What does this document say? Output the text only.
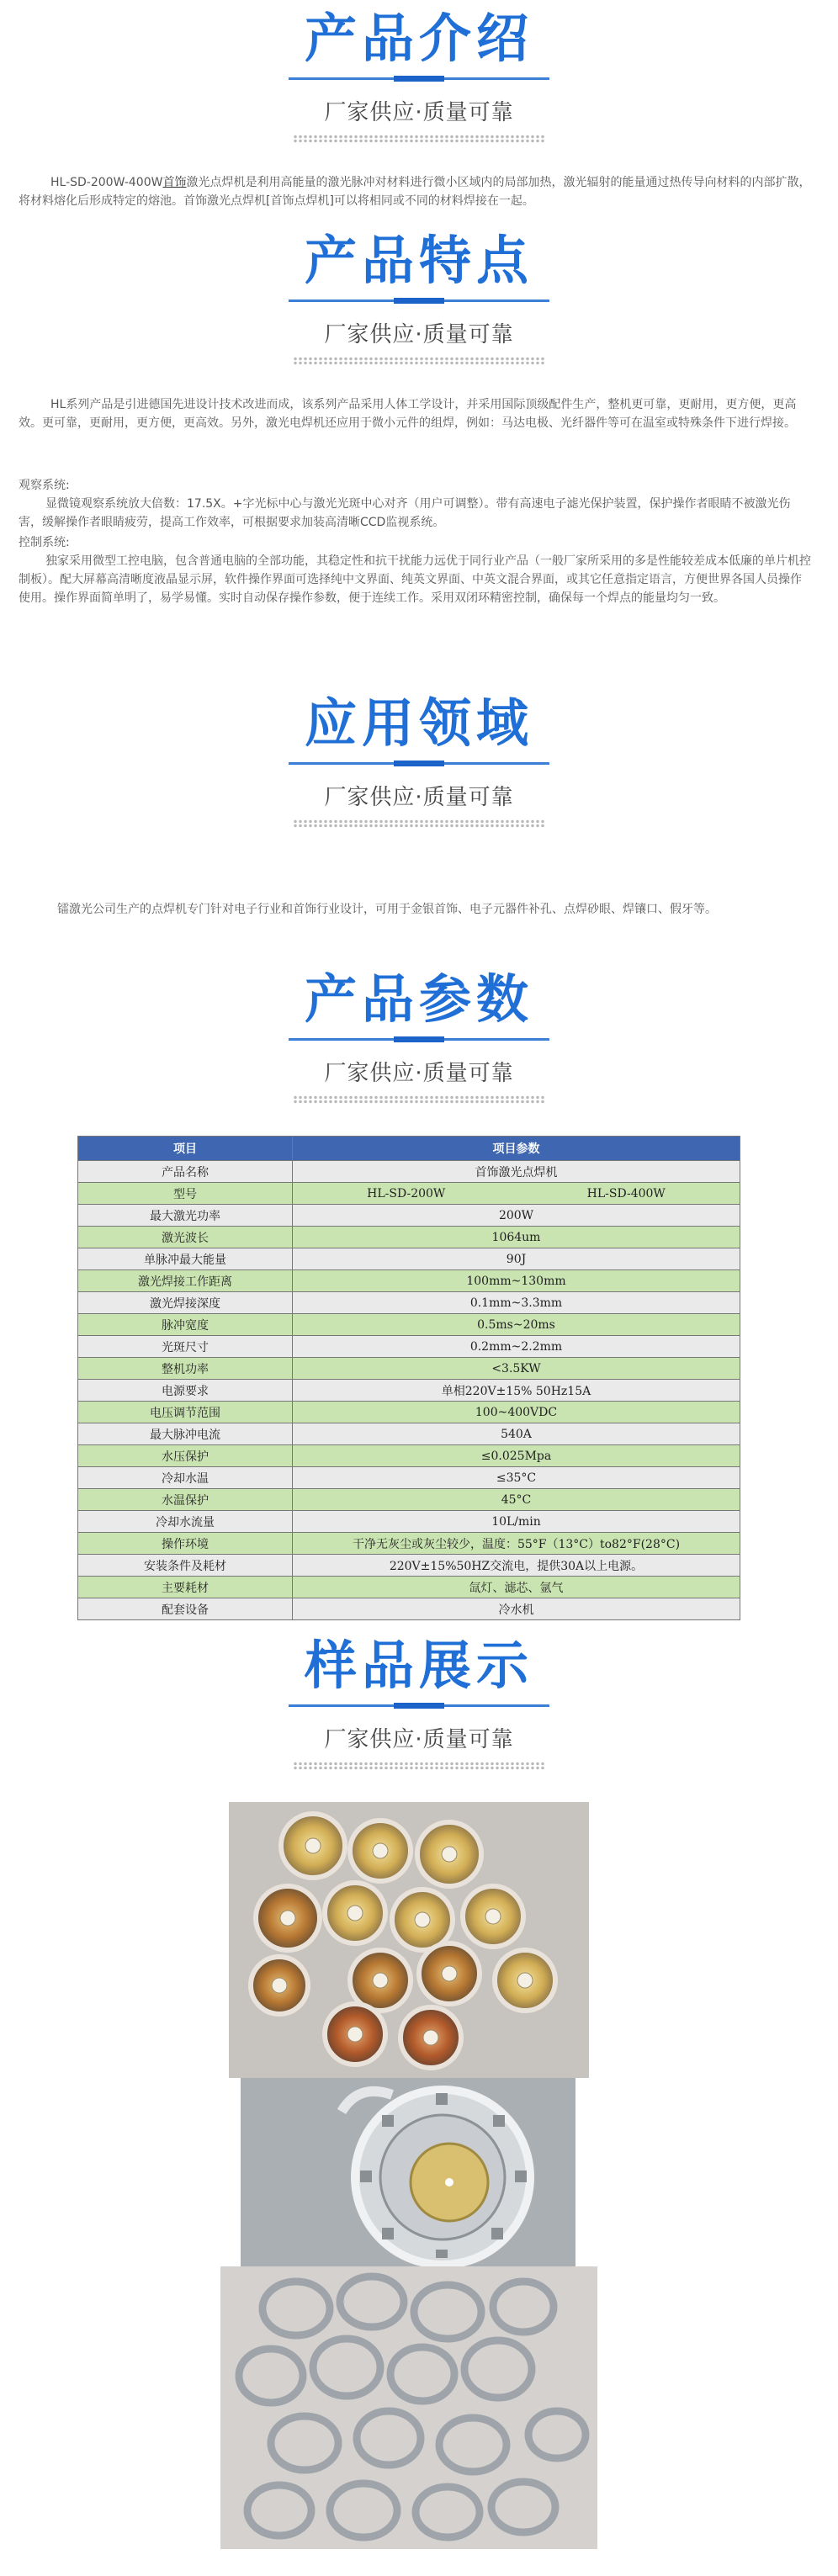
产品介绍
厂家供应·质量可靠
HL-SD-200W-400W首饰激光点焊机是利用高能量的激光脉冲对材料进行微小区域内的局部加热，激光辐射的能量通过热传导向材料的内部扩散，将材料熔化后形成特定的熔池。首饰激光点焊机[首饰点焊机]可以将相同或不同的材料焊接在一起。
产品特点
厂家供应·质量可靠
HL系列产品是引进德国先进设计技术改进而成，该系列产品采用人体工学设计，并采用国际顶级配件生产，整机更可靠，更耐用，更方便，更高效。更可靠，更耐用，更方便，更高效。另外，激光电焊机还应用于微小元件的组焊，例如：马达电极、光纤器件等可在温室或特殊条件下进行焊接。
观察系统:
显微镜观察系统放大倍数：17.5X。+字光标中心与激光光斑中心对齐（用户可调整）。带有高速电子滤光保护装置，保护操作者眼睛不被激光伤害，缓解操作者眼睛疲劳，提高工作效率，可根据要求加装高清晰CCD监视系统。
控制系统:
独家采用微型工控电脑，包含普通电脑的全部功能，其稳定性和抗干扰能力远优于同行业产品（一般厂家所采用的多是性能较差成本低廉的单片机控制板）。配大屏幕高清晰度液晶显示屏，软件操作界面可选择纯中文界面、纯英文界面、中英文混合界面，或其它任意指定语言，方便世界各国人员操作使用。操作界面简单明了，易学易懂。实时自动保存操作参数，便于连续工作。采用双闭环精密控制，确保每一个焊点的能量均匀一致。
应用领域
厂家供应·质量可靠
镭激光公司生产的点焊机专门针对电子行业和首饰行业设计，可用于金银首饰、电子元器件补孔、点焊砂眼、焊镶口、假牙等。
产品参数
厂家供应·质量可靠
项目	项目参数
产品名称	首饰激光点焊机
型号	HL-SD-200W HL-SD-400W

最大激光功率	200W
激光波长	1064um
单脉冲最大能量	90J
激光焊接工作距离	100mm~130mm
激光焊接深度	0.1mm~3.3mm
脉冲宽度	0.5ms~20ms
光斑尺寸	0.2mm~2.2mm
整机功率	<3.5KW
电源要求	单相220V±15% 50Hz15A
电压调节范围	100~400VDC
最大脉冲电流	540A
水压保护	≤0.025Mpa
冷却水温	≤35°C
水温保护	45°C
冷却水流量	10L/min
操作环境	干净无灰尘或灰尘较少，温度：55°F（13°C）to82°F(28°C)
安装条件及耗材	220V±15%50HZ交流电，提供30A以上电源。
主要耗材	氙灯、滤芯、氩气
配套设备	冷水机
样品展示
厂家供应·质量可靠
